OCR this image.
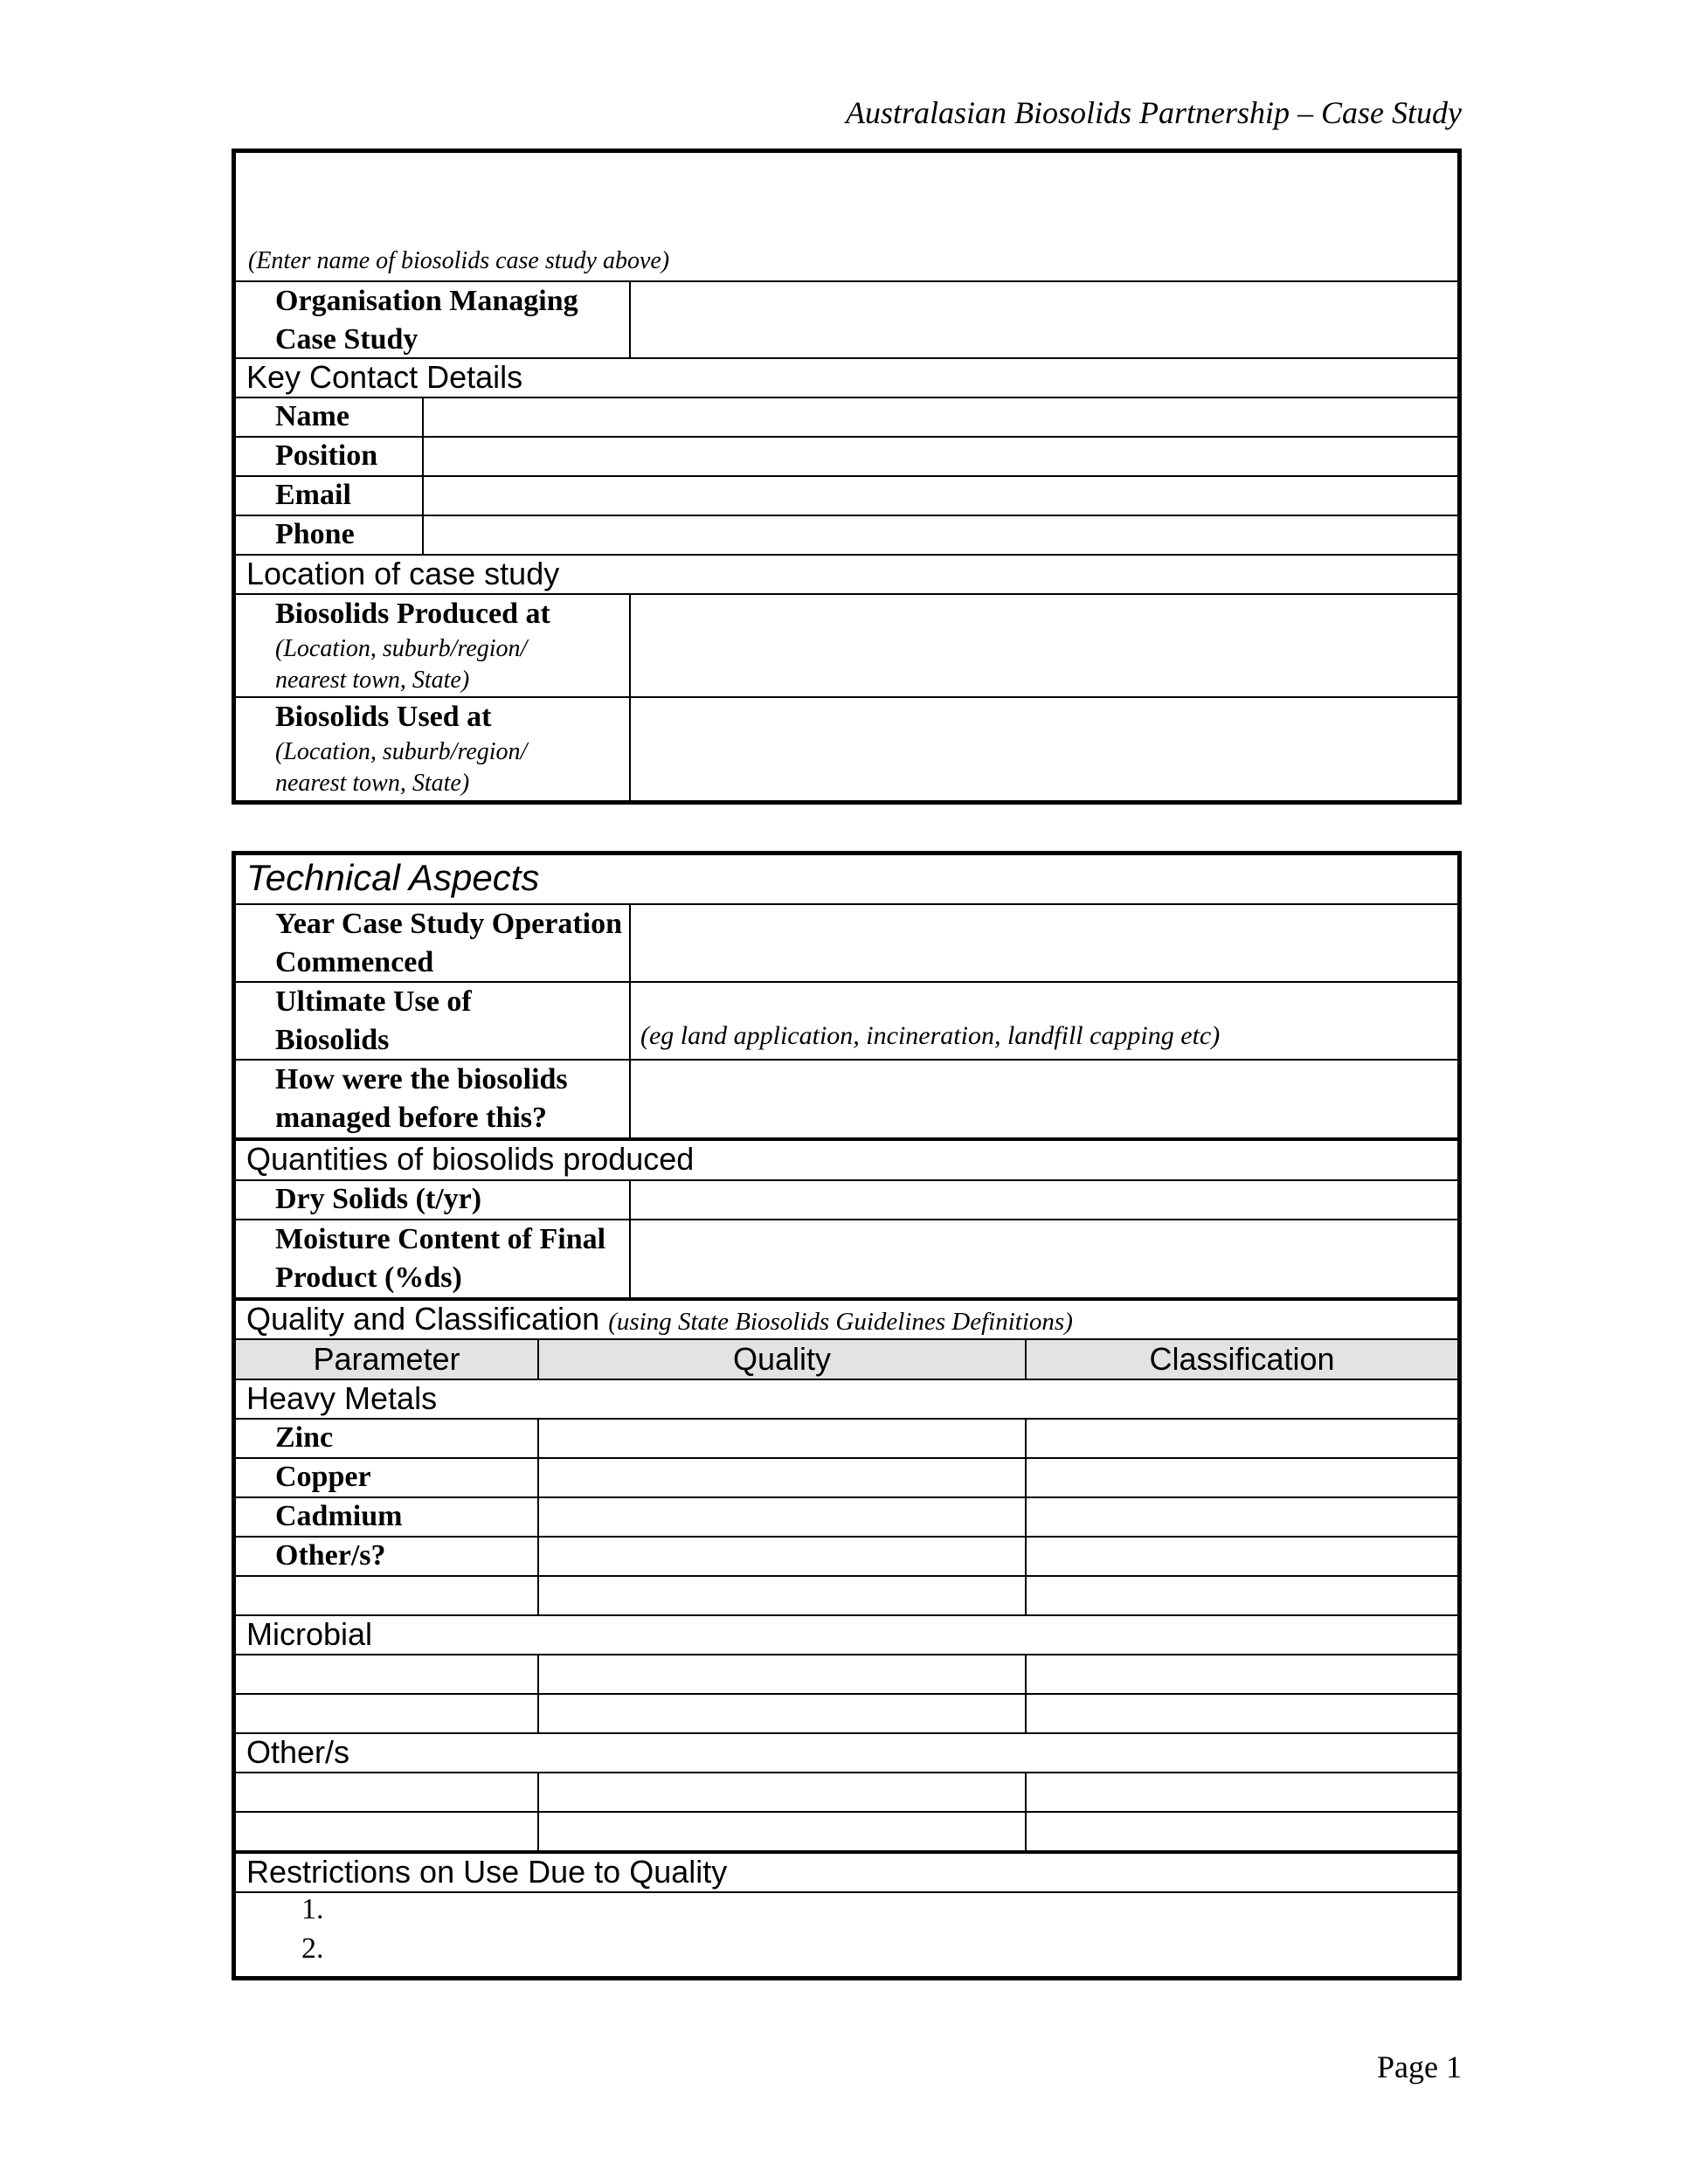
Australasian Biosolids Partnership – Case Study
(Enter name of biosolids case study above)
Organisation Managing Case Study
Key Contact Details
Name
Position
Email
Phone
Location of case study
Biosolids Produced at
(Location, suburb/region/ nearest town, State)
Biosolids Used at
(Location, suburb/region/ nearest town, State)
Technical Aspects
Year Case Study Operation Commenced
Ultimate Use of Biosolids	(eg land application, incineration, landfill capping etc)
How were the biosolids managed before this?
Quantities of biosolids produced
Dry Solids (t/yr)
Moisture Content of Final Product (%ds)
Quality and Classification (using State Biosolids Guidelines Definitions)
Parameter	Quality	Classification
Heavy Metals
Zinc
Copper
Cadmium
Other/s?
Microbial
Other/s
Restrictions on Use Due to Quality
1.
2.
Page 1
